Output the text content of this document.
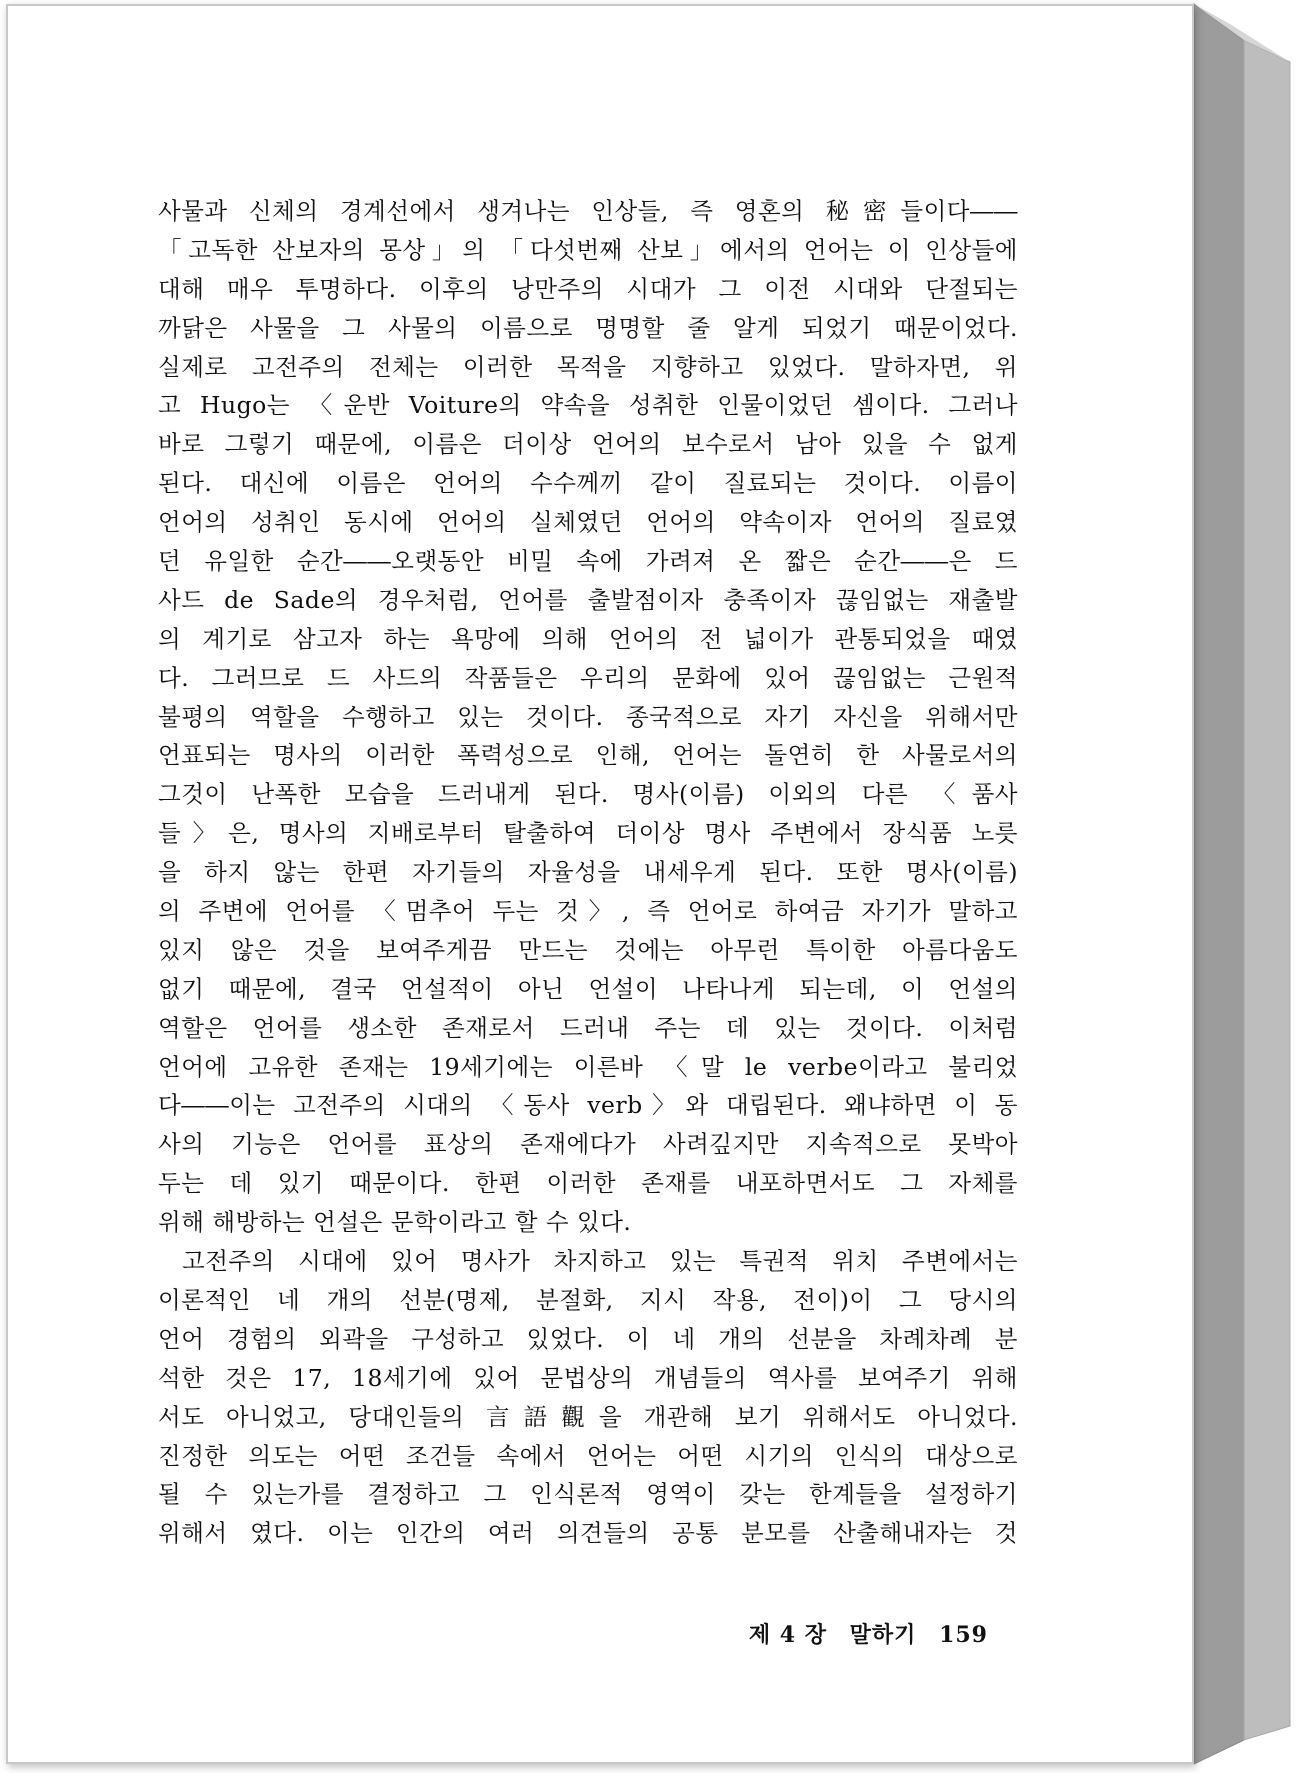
사물과 신체의 경계선에서 생겨나는 인상들, 즉 영혼의 秘密들이다――
「고독한 산보자의 몽상」의 「다섯번째 산보」에서의 언어는 이 인상들에
대해 매우 투명하다. 이후의 낭만주의 시대가 그 이전 시대와 단절되는
까닭은 사물을 그 사물의 이름으로 명명할 줄 알게 되었기 때문이었다.
실제로 고전주의 전체는 이러한 목적을 지향하고 있었다. 말하자면, 위
고 Hugo는 〈운반 Voiture의 약속을 성취한 인물이었던 셈이다. 그러나
바로 그렇기 때문에, 이름은 더이상 언어의 보수로서 남아 있을 수 없게
된다. 대신에 이름은 언어의 수수께끼 같이 질료되는 것이다. 이름이
언어의 성취인 동시에 언어의 실체였던 언어의 약속이자 언어의 질료였
던 유일한 순간――오랫동안 비밀 속에 가려져 온 짧은 순간――은 드
사드 de Sade의 경우처럼, 언어를 출발점이자 충족이자 끊임없는 재출발
의 계기로 삼고자 하는 욕망에 의해 언어의 전 넓이가 관통되었을 때였
다. 그러므로 드 사드의 작품들은 우리의 문화에 있어 끊임없는 근원적
불평의 역할을 수행하고 있는 것이다. 종국적으로 자기 자신을 위해서만
언표되는 명사의 이러한 폭력성으로 인해, 언어는 돌연히 한 사물로서의
그것이 난폭한 모습을 드러내게 된다. 명사(이름) 이외의 다른 〈품사
들〉은, 명사의 지배로부터 탈출하여 더이상 명사 주변에서 장식품 노릇
을 하지 않는 한편 자기들의 자율성을 내세우게 된다. 또한 명사(이름)
의 주변에 언어를 〈멈추어 두는 것〉, 즉 언어로 하여금 자기가 말하고
있지 않은 것을 보여주게끔 만드는 것에는 아무런 특이한 아름다움도
없기 때문에, 결국 언설적이 아닌 언설이 나타나게 되는데, 이 언설의
역할은 언어를 생소한 존재로서 드러내 주는 데 있는 것이다. 이처럼
언어에 고유한 존재는 19세기에는 이른바 〈말 le verbe이라고 불리었
다――이는 고전주의 시대의 〈동사 verb〉와 대립된다. 왜냐하면 이 동
사의 기능은 언어를 표상의 존재에다가 사려깊지만 지속적으로 못박아
두는 데 있기 때문이다. 한편 이러한 존재를 내포하면서도 그 자체를
위해 해방하는 언설은 문학이라고 할 수 있다.
고전주의 시대에 있어 명사가 차지하고 있는 특권적 위치 주변에서는
이론적인 네 개의 선분(명제, 분절화, 지시 작용, 전이)이 그 당시의
언어 경험의 외곽을 구성하고 있었다. 이 네 개의 선분을 차례차례 분
석한 것은 17, 18세기에 있어 문법상의 개념들의 역사를 보여주기 위해
서도 아니었고, 당대인들의 言語觀을 개관해 보기 위해서도 아니었다.
진정한 의도는 어떤 조건들 속에서 언어는 어떤 시기의 인식의 대상으로
될 수 있는가를 결정하고 그 인식론적 영역이 갖는 한계들을 설정하기
위해서 였다. 이는 인간의 여러 의견들의 공통 분모를 산출해내자는 것
제 4 장 말하기 159
